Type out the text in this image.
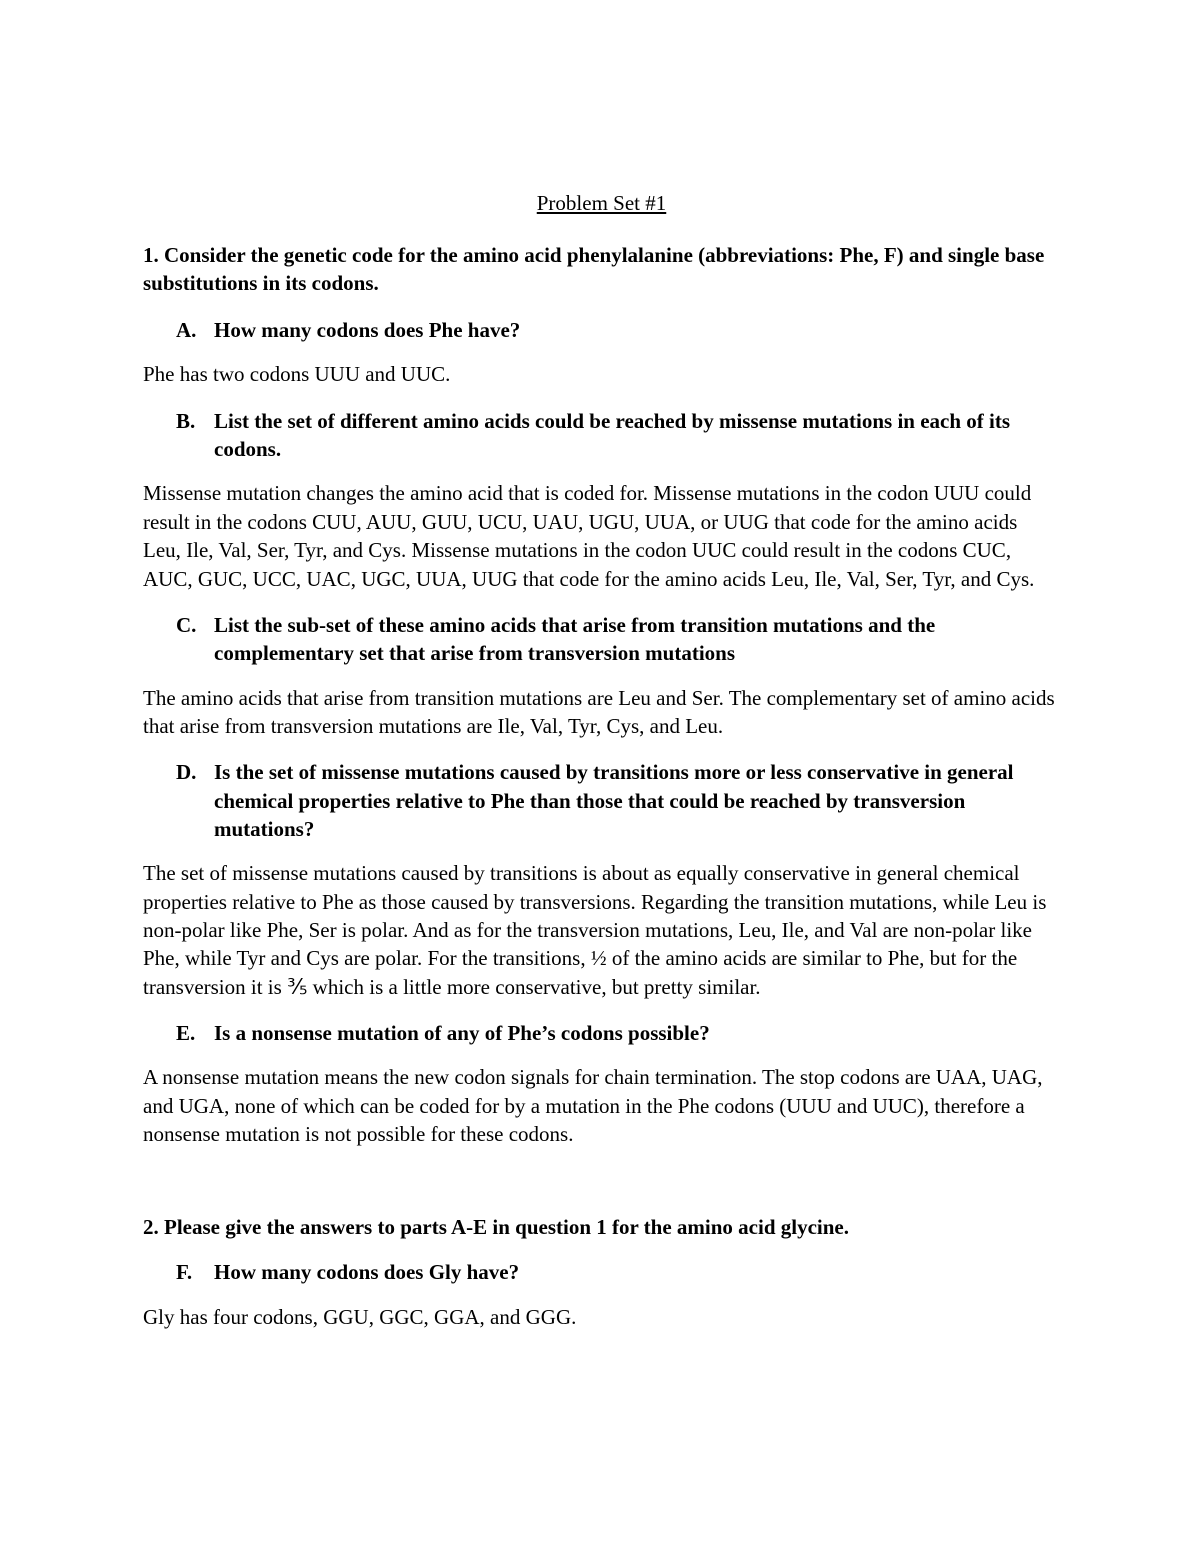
Problem Set #1
1. Consider the genetic code for the amino acid phenylalanine (abbreviations: Phe, F) and single base substitutions in its codons.
A. How many codons does Phe have?
Phe has two codons UUU and UUC.
B. List the set of different amino acids could be reached by missense mutations in each of its codons.
Missense mutation changes the amino acid that is coded for. Missense mutations in the codon UUU could result in the codons CUU, AUU, GUU, UCU, UAU, UGU, UUA, or UUG that code for the amino acids Leu, Ile, Val, Ser, Tyr, and Cys. Missense mutations in the codon UUC could result in the codons CUC, AUC, GUC, UCC, UAC, UGC, UUA, UUG that code for the amino acids Leu, Ile, Val, Ser, Tyr, and Cys.
C. List the sub-set of these amino acids that arise from transition mutations and the complementary set that arise from transversion mutations
The amino acids that arise from transition mutations are Leu and Ser. The complementary set of amino acids that arise from transversion mutations are Ile, Val, Tyr, Cys, and Leu.
D. Is the set of missense mutations caused by transitions more or less conservative in general chemical properties relative to Phe than those that could be reached by transversion mutations?
The set of missense mutations caused by transitions is about as equally conservative in general chemical properties relative to Phe as those caused by transversions. Regarding the transition mutations, while Leu is non-polar like Phe, Ser is polar. And as for the transversion mutations, Leu, Ile, and Val are non-polar like Phe, while Tyr and Cys are polar. For the transitions, ½ of the amino acids are similar to Phe, but for the transversion it is ⅗ which is a little more conservative, but pretty similar.
E. Is a nonsense mutation of any of Phe’s codons possible?
A nonsense mutation means the new codon signals for chain termination. The stop codons are UAA, UAG, and UGA, none of which can be coded for by a mutation in the Phe codons (UUU and UUC), therefore a nonsense mutation is not possible for these codons.
2. Please give the answers to parts A-E in question 1 for the amino acid glycine.
F.	How many codons does Gly have?
Gly has four codons, GGU, GGC, GGA, and GGG.
